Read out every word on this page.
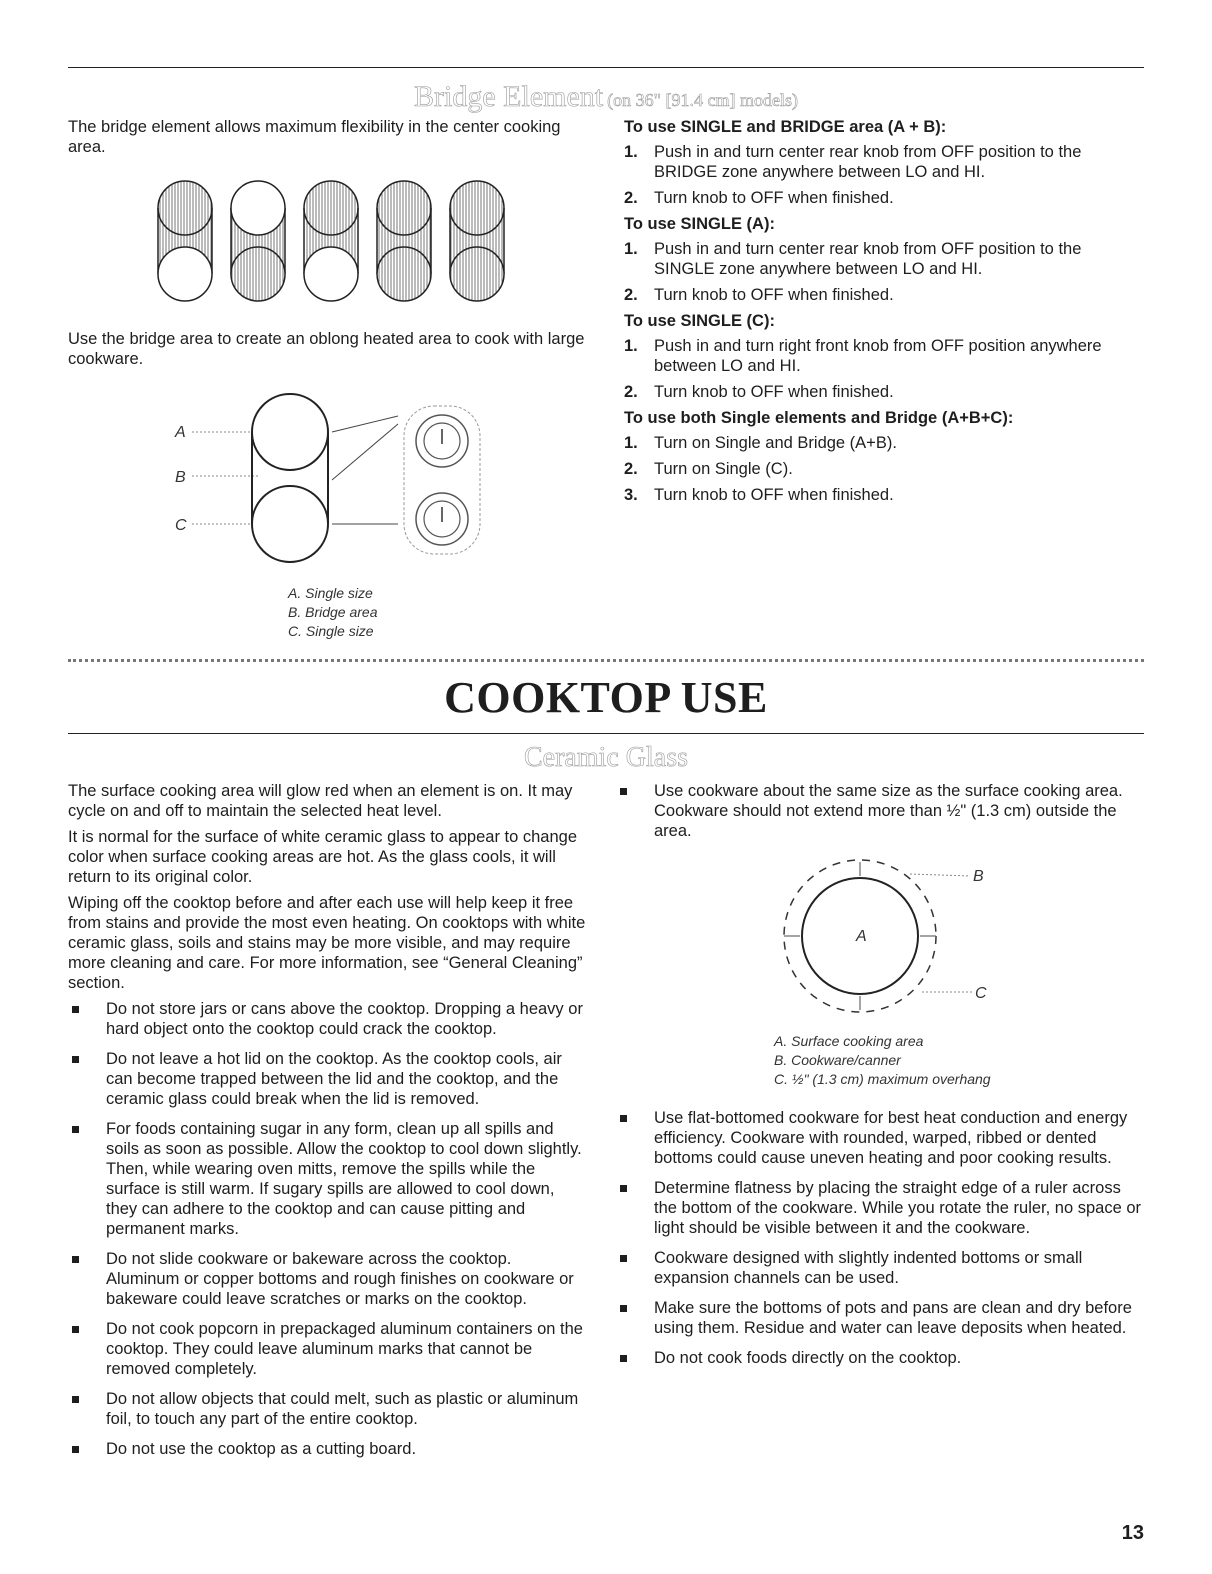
Bridge Element (on 36" [91.4 cm] models)

The bridge element allows maximum flexibility in the center cooking area.

Use the bridge area to create an oblong heated area to cook with large cookware.

A
B
C
A. Single size
B. Bridge area
C. Single size
To use SINGLE and BRIDGE area (A + B):
1. Push in and turn center rear knob from OFF position to the BRIDGE zone anywhere between LO and HI.
2. Turn knob to OFF when finished.
To use SINGLE (A):
1. Push in and turn center rear knob from OFF position to the SINGLE zone anywhere between LO and HI.
2. Turn knob to OFF when finished.
To use SINGLE (C):
1. Push in and turn right front knob from OFF position anywhere between LO and HI.
2. Turn knob to OFF when finished.
To use both Single elements and Bridge (A+B+C):
1. Turn on Single and Bridge (A+B).
2. Turn on Single (C).
3. Turn knob to OFF when finished.
COOKTOP USE
Ceramic Glass

The surface cooking area will glow red when an element is on. It may cycle on and off to maintain the selected heat level.

It is normal for the surface of white ceramic glass to appear to change color when surface cooking areas are hot. As the glass cools, it will return to its original color.

Wiping off the cooktop before and after each use will help keep it free from stains and provide the most even heating. On cooktops with white ceramic glass, soils and stains may be more visible, and may require more cleaning and care. For more information, see “General Cleaning” section.

Do not store jars or cans above the cooktop. Dropping a heavy or hard object onto the cooktop could crack the cooktop.
Do not leave a hot lid on the cooktop. As the cooktop cools, air can become trapped between the lid and the cooktop, and the ceramic glass could break when the lid is removed.
For foods containing sugar in any form, clean up all spills and soils as soon as possible. Allow the cooktop to cool down slightly. Then, while wearing oven mitts, remove the spills while the surface is still warm. If sugary spills are allowed to cool down, they can adhere to the cooktop and can cause pitting and permanent marks.
Do not slide cookware or bakeware across the cooktop. Aluminum or copper bottoms and rough finishes on cookware or bakeware could leave scratches or marks on the cooktop.
Do not cook popcorn in prepackaged aluminum containers on the cooktop. They could leave aluminum marks that cannot be removed completely.
Do not allow objects that could melt, such as plastic or aluminum foil, to touch any part of the entire cooktop.
Do not use the cooktop as a cutting board.
Use cookware about the same size as the surface cooking area. Cookware should not extend more than ½" (1.3 cm) outside the area.
A
B
C
A. Surface cooking area
B. Cookware/canner
C. ½" (1.3 cm) maximum overhang
Use flat-bottomed cookware for best heat conduction and energy efficiency. Cookware with rounded, warped, ribbed or dented bottoms could cause uneven heating and poor cooking results.
Determine flatness by placing the straight edge of a ruler across the bottom of the cookware. While you rotate the ruler, no space or light should be visible between it and the cookware.
Cookware designed with slightly indented bottoms or small expansion channels can be used.
Make sure the bottoms of pots and pans are clean and dry before using them. Residue and water can leave deposits when heated.
Do not cook foods directly on the cooktop.
13
